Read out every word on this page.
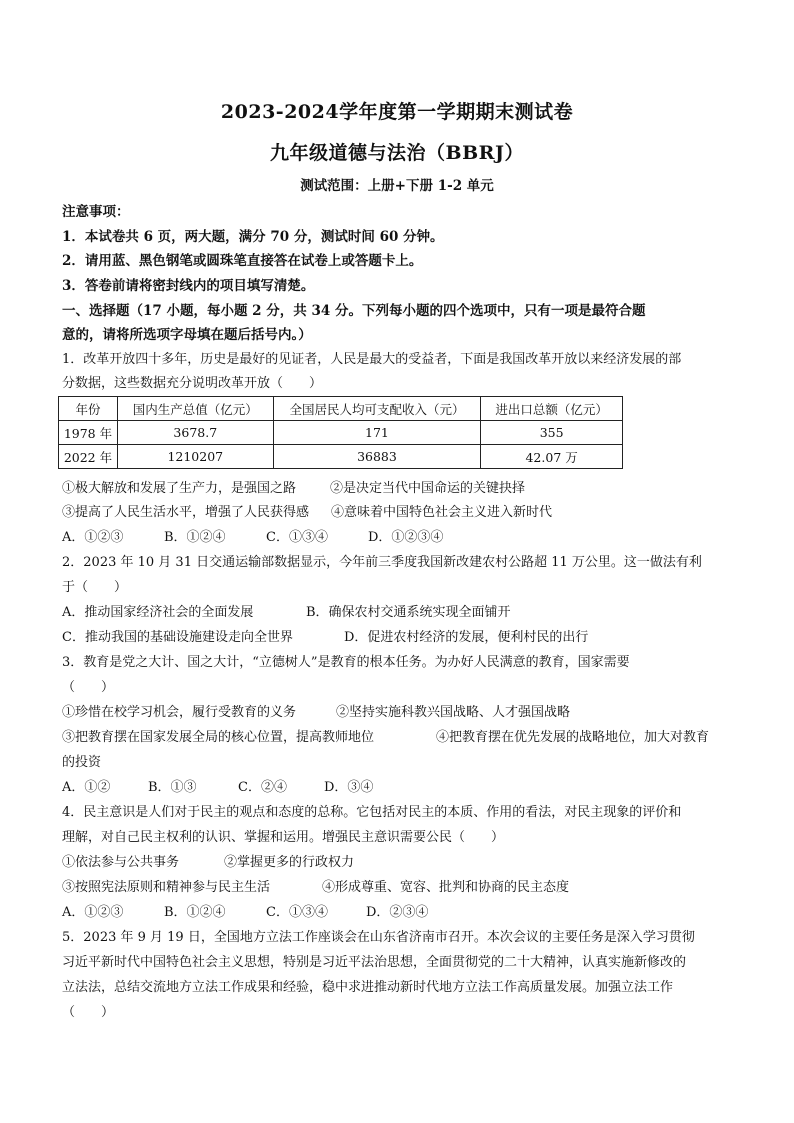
2023-2024学年度第一学期期末测试卷
九年级道德与法治（BBRJ）
测试范围：上册+下册 1-2 单元
注意事项：
1．本试卷共 6 页，两大题，满分 70 分，测试时间 60 分钟。
2．请用蓝、黑色钢笔或圆珠笔直接答在试卷上或答题卡上。
3．答卷前请将密封线内的项目填写清楚。
一、选择题（17 小题，每小题 2 分，共 34 分。下列每小题的四个选项中，只有一项是最符合题
意的，请将所选项字母填在题后括号内。）
1．改革开放四十多年，历史是最好的见证者，人民是最大的受益者，下面是我国改革开放以来经济发展的部
分数据，这些数据充分说明改革开放（　　）
年份	国内生产总值（亿元）	全国居民人均可支配收入（元）	进出口总额（亿元）
1978 年	3678.7	171	355
2022 年	1210207	36883	42.07 万
①极大解放和发展了生产力，是强国之路	②是决定当代中国命运的关键抉择
③提高了人民生活水平，增强了人民获得感 ④意味着中国特色社会主义进入新时代
A．①②③	B．①②④	C．①③④	D．①②③④
2．2023 年 10 月 31 日交通运输部数据显示，今年前三季度我国新改建农村公路超 11 万公里。这一做法有利
于（　　）
A．推动国家经济社会的全面发展	B．确保农村交通系统实现全面铺开
C．推动我国的基础设施建设走向全世界	D．促进农村经济的发展，便利村民的出行
3．教育是党之大计、国之大计，“立德树人”是教育的根本任务。为办好人民满意的教育，国家需要
（　　）
①珍惜在校学习机会，履行受教育的义务	②坚持实施科教兴国战略、人才强国战略
③把教育摆在国家发展全局的核心位置，提高教师地位	④把教育摆在优先发展的战略地位，加大对教育
的投资
A．①②	B．①③	C．②④	D．③④
4．民主意识是人们对于民主的观点和态度的总称。它包括对民主的本质、作用的看法，对民主现象的评价和
理解，对自己民主权利的认识、掌握和运用。增强民主意识需要公民（　　）
①依法参与公共事务	②掌握更多的行政权力
③按照宪法原则和精神参与民主生活	④形成尊重、宽容、批判和协商的民主态度
A．①②③	B．①②④	C．①③④	D．②③④
5．2023 年 9 月 19 日，全国地方立法工作座谈会在山东省济南市召开。本次会议的主要任务是深入学习贯彻
习近平新时代中国特色社会主义思想，特别是习近平法治思想，全面贯彻党的二十大精神，认真实施新修改的
立法法，总结交流地方立法工作成果和经验，稳中求进推动新时代地方立法工作高质量发展。加强立法工作
（　　）
